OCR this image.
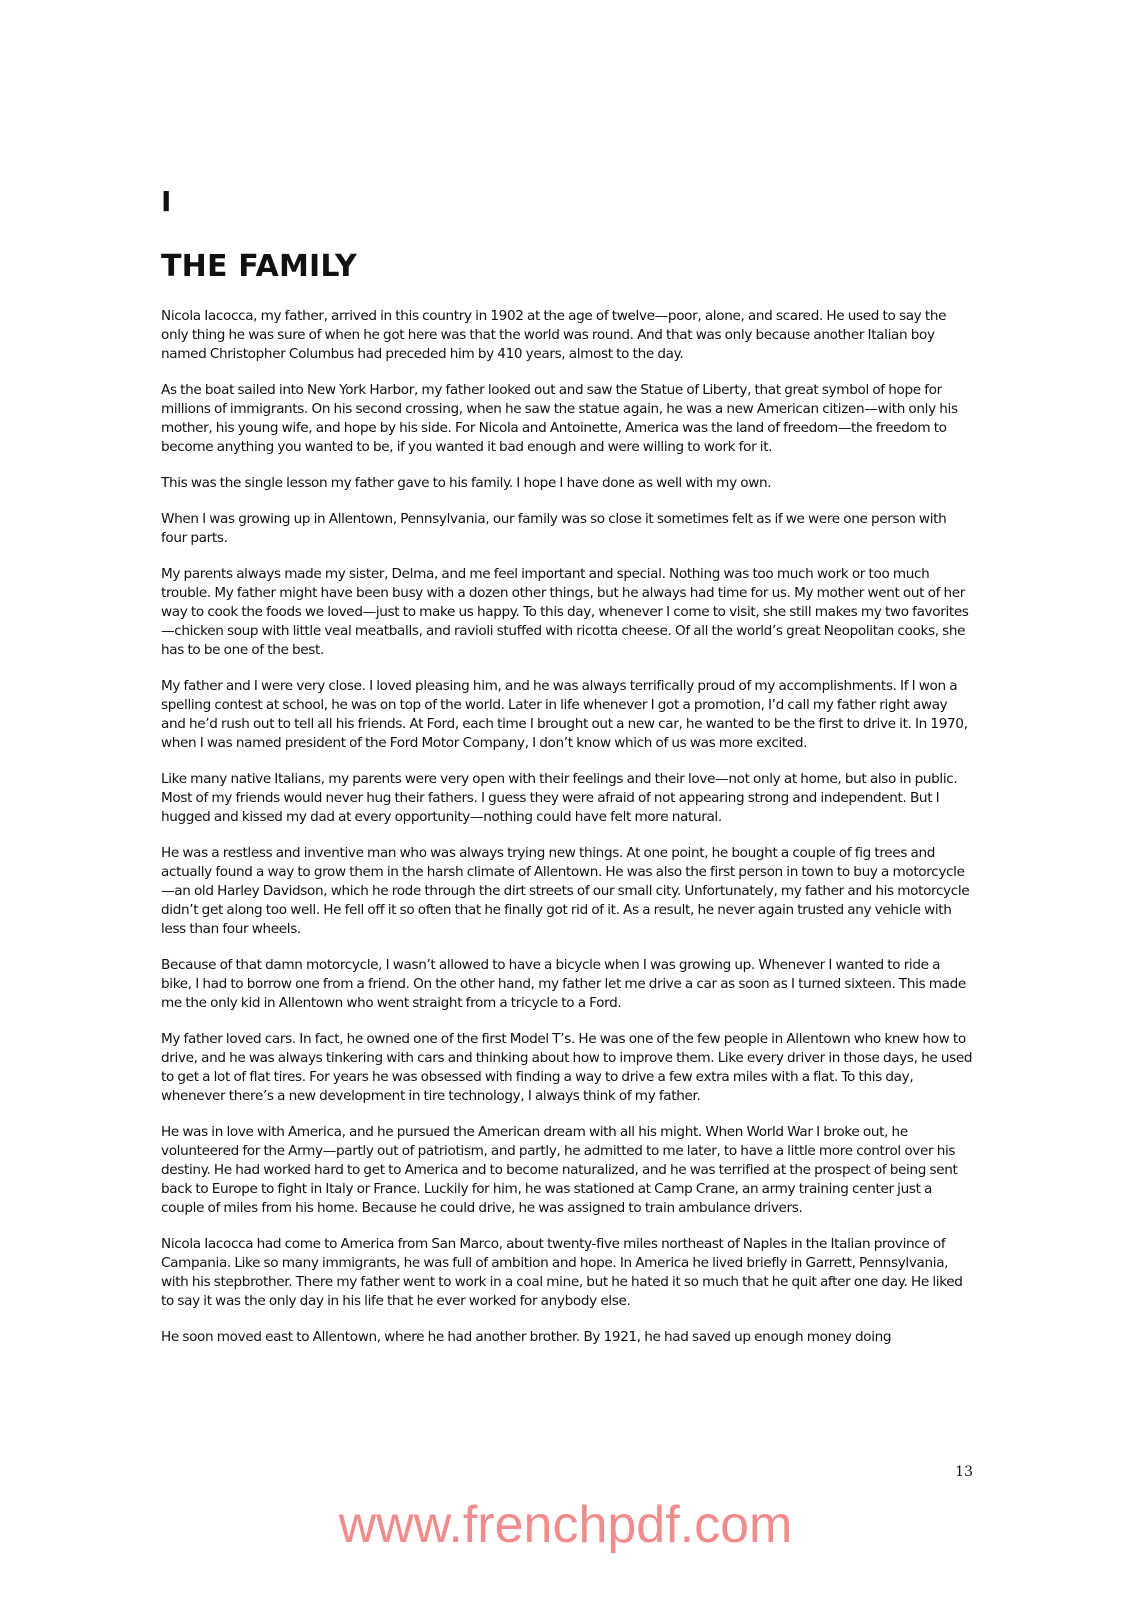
I
THE FAMILY

Nicola Iacocca, my father, arrived in this country in 1902 at the age of twelve—poor, alone, and scared. He used to say the only thing he was sure of when he got here was that the world was round. And that was only because another Italian boy named Christopher Columbus had preceded him by 410 years, almost to the day.

As the boat sailed into New York Harbor, my father looked out and saw the Statue of Liberty, that great symbol of hope for millions of immigrants. On his second crossing, when he saw the statue again, he was a new American citizen—with only his mother, his young wife, and hope by his side. For Nicola and Antoinette, America was the land of freedom—the freedom to become anything you wanted to be, if you wanted it bad enough and were willing to work for it.

This was the single lesson my father gave to his family. I hope I have done as well with my own.

When I was growing up in Allentown, Pennsylvania, our family was so close it sometimes felt as if we were one person with four parts.

My parents always made my sister, Delma, and me feel important and special. Nothing was too much work or too much trouble. My father might have been busy with a dozen other things, but he always had time for us. My mother went out of her way to cook the foods we loved—just to make us happy. To this day, whenever I come to visit, she still makes my two favorites—chicken soup with little veal meatballs, and ravioli stuffed with ricotta cheese. Of all the world’s great Neopolitan cooks, she has to be one of the best.

My father and I were very close. I loved pleasing him, and he was always terrifically proud of my accomplishments. If I won a spelling contest at school, he was on top of the world. Later in life whenever I got a promotion, I’d call my father right away and he’d rush out to tell all his friends. At Ford, each time I brought out a new car, he wanted to be the first to drive it. In 1970, when I was named president of the Ford Motor Company, I don’t know which of us was more excited.

Like many native Italians, my parents were very open with their feelings and their love—not only at home, but also in public. Most of my friends would never hug their fathers. I guess they were afraid of not appearing strong and independent. But I hugged and kissed my dad at every opportunity—nothing could have felt more natural.

He was a restless and inventive man who was always trying new things. At one point, he bought a couple of fig trees and actually found a way to grow them in the harsh climate of Allentown. He was also the first person in town to buy a motorcycle—an old Harley Davidson, which he rode through the dirt streets of our small city. Unfortunately, my father and his motorcycle didn’t get along too well. He fell off it so often that he finally got rid of it. As a result, he never again trusted any vehicle with less than four wheels.

Because of that damn motorcycle, I wasn’t allowed to have a bicycle when I was growing up. Whenever I wanted to ride a bike, I had to borrow one from a friend. On the other hand, my father let me drive a car as soon as I turned sixteen. This made me the only kid in Allentown who went straight from a tricycle to a Ford.

My father loved cars. In fact, he owned one of the first Model T’s. He was one of the few people in Allentown who knew how to drive, and he was always tinkering with cars and thinking about how to improve them. Like every driver in those days, he used to get a lot of flat tires. For years he was obsessed with finding a way to drive a few extra miles with a flat. To this day, whenever there’s a new development in tire technology, I always think of my father.

He was in love with America, and he pursued the American dream with all his might. When World War I broke out, he volunteered for the Army—partly out of patriotism, and partly, he admitted to me later, to have a little more control over his destiny. He had worked hard to get to America and to become naturalized, and he was terrified at the prospect of being sent back to Europe to fight in Italy or France. Luckily for him, he was stationed at Camp Crane, an army training center just a couple of miles from his home. Because he could drive, he was assigned to train ambulance drivers.

Nicola Iacocca had come to America from San Marco, about twenty-five miles northeast of Naples in the Italian province of Campania. Like so many immigrants, he was full of ambition and hope. In America he lived briefly in Garrett, Pennsylvania, with his stepbrother. There my father went to work in a coal mine, but he hated it so much that he quit after one day. He liked to say it was the only day in his life that he ever worked for anybody else.

He soon moved east to Allentown, where he had another brother. By 1921, he had saved up enough money doing

13
www.frenchpdf.com
